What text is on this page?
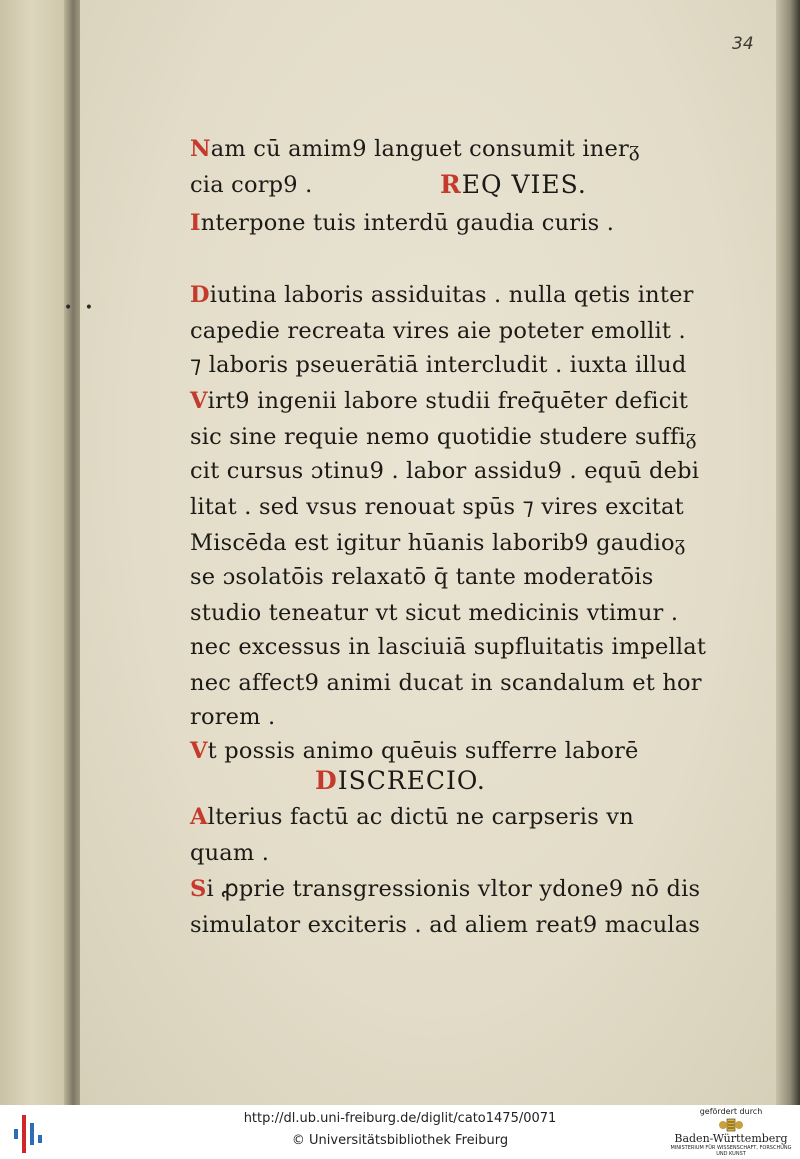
34
• •
Nam cū amim9 languet consumit inerᵹ
cia corp9 .	REQ VIES.
Interpone tuis interdū gaudia curis .
Diutina laboris assiduitas . nulla qetis inter
capedie recreata vires aie poteter emollit .
⁊ laboris pseuerātiā intercludit . iuxta illud
Virt9 ingenii labore studii freq̄uēter deficit
sic sine requie nemo quotidie studere suffiᵹ
cit cursus ɔtinu9 . labor assidu9 . equū debi
litat . sed vsus renouat spūs ⁊ vires excitat
Miscēda est igitur hūanis laborib9 gaudioᵹ
se ɔsolatōis relaxatō q̄ tante moderatōis
studio teneatur vt sicut medicinis vtimur .
nec excessus in lasciuiā supfluitatis impellat
nec affect9 animi ducat in scandalum et hor
rorem .
Vt possis animo quēuis sufferre laborē
DISCRECIO.
Alterius factū ac dictū ne carpseris vn
quam .
Si ꝓprie transgressionis vltor ydone9 nō dis
simulator exciteris . ad aliem reat9 maculas
http://dl.ub.uni-freiburg.de/diglit/cato1475/0071
© Universitätsbibliothek Freiburg
gefördert durch
Baden-Württemberg
MINISTERIUM FÜR WISSENSCHAFT, FORSCHUNG UND KUNST
